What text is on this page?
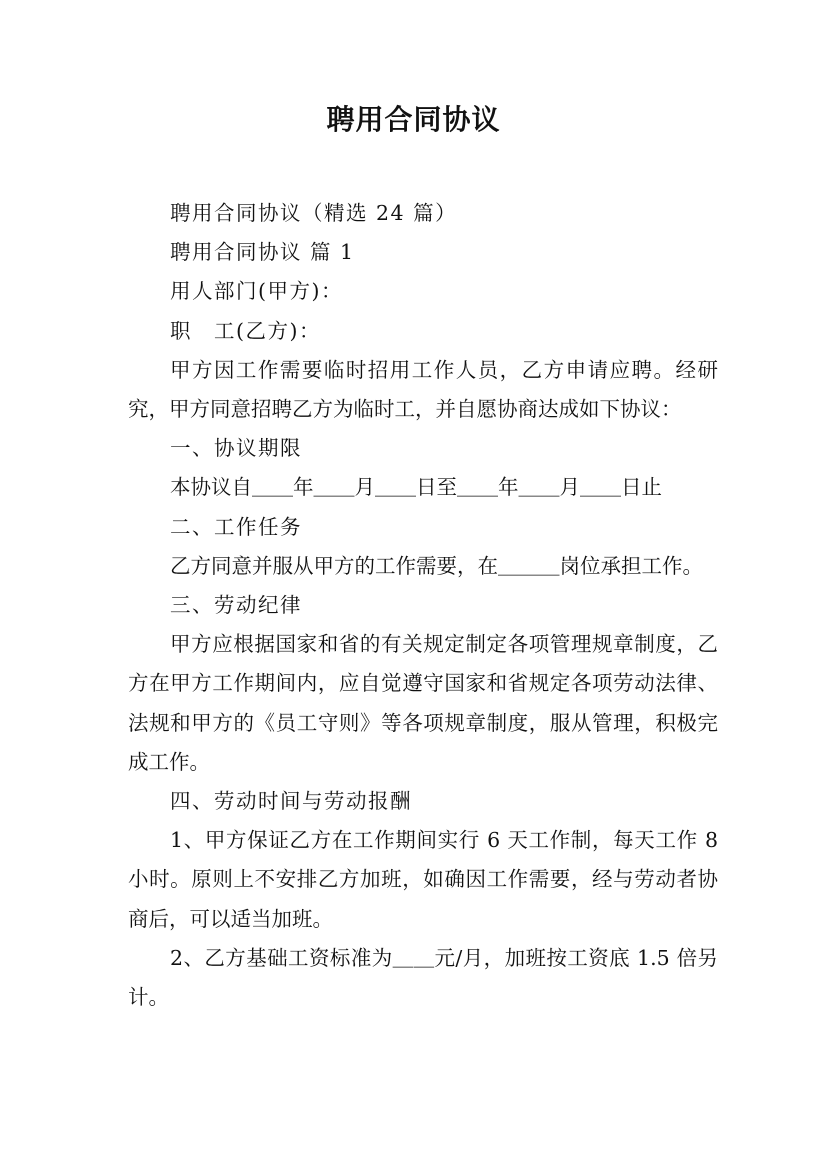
聘用合同协议

聘用合同协议（精选 24 篇）

聘用合同协议 篇 1

用人部门(甲方)：

职　工(乙方)：

甲方因工作需要临时招用工作人员，乙方申请应聘。经研究，甲方同意招聘乙方为临时工，并自愿协商达成如下协议：

一、协议期限

本协议自＿＿年＿＿月＿＿日至＿＿年＿＿月＿＿日止

二、工作任务

乙方同意并服从甲方的工作需要，在＿＿＿岗位承担工作。

三、劳动纪律

甲方应根据国家和省的有关规定制定各项管理规章制度，乙方在甲方工作期间内，应自觉遵守国家和省规定各项劳动法律、法规和甲方的《员工守则》等各项规章制度，服从管理，积极完成工作。

四、劳动时间与劳动报酬

1、甲方保证乙方在工作期间实行 6 天工作制，每天工作 8 小时。原则上不安排乙方加班，如确因工作需要，经与劳动者协商后，可以适当加班。

2、乙方基础工资标准为＿＿元/月，加班按工资底 1.5 倍另计。
